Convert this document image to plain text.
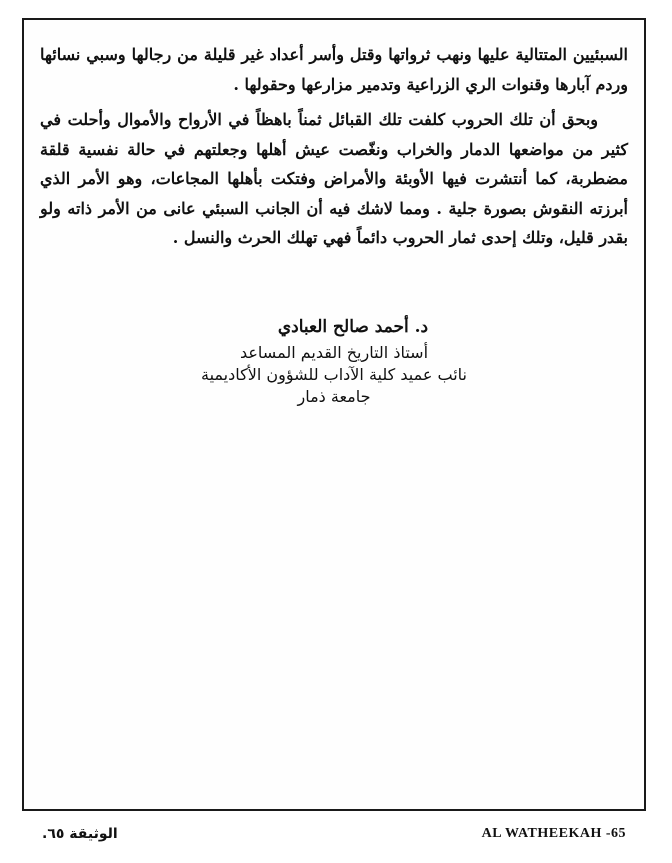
السبئيين المتتالية عليها ونهب ثرواتها وقتل وأسر أعداد غير قليلة من رجالها وسبي نسائها وردم آبارها وقنوات الري الزراعية وتدمير مزارعها وحقولها .

وبحق أن تلك الحروب كلفت تلك القبائل ثمناً باهظاً في الأرواح والأموال وأحلت في كثير من مواضعها الدمار والخراب ونغّصت عيش أهلها وجعلتهم في حالة نفسية قلقة مضطربة، كما أنتشرت فيها الأوبئة والأمراض وفتكت بأهلها المجاعات، وهو الأمر الذي أبرزته النقوش بصورة جلية . ومما لاشك فيه أن الجانب السبئي عانى من الأمر ذاته ولو بقدر قليل، وتلك إحدى ثمار الحروب دائماً فهي تهلك الحرث والنسل .

د. أحمد صالح العبادي
أستاذ التاريخ القديم المساعد
نائب عميد كلية الآداب للشؤون الأكاديمية
جامعة ذمار
الوثيقة ٦٥.	AL WATHEEKAH -65
